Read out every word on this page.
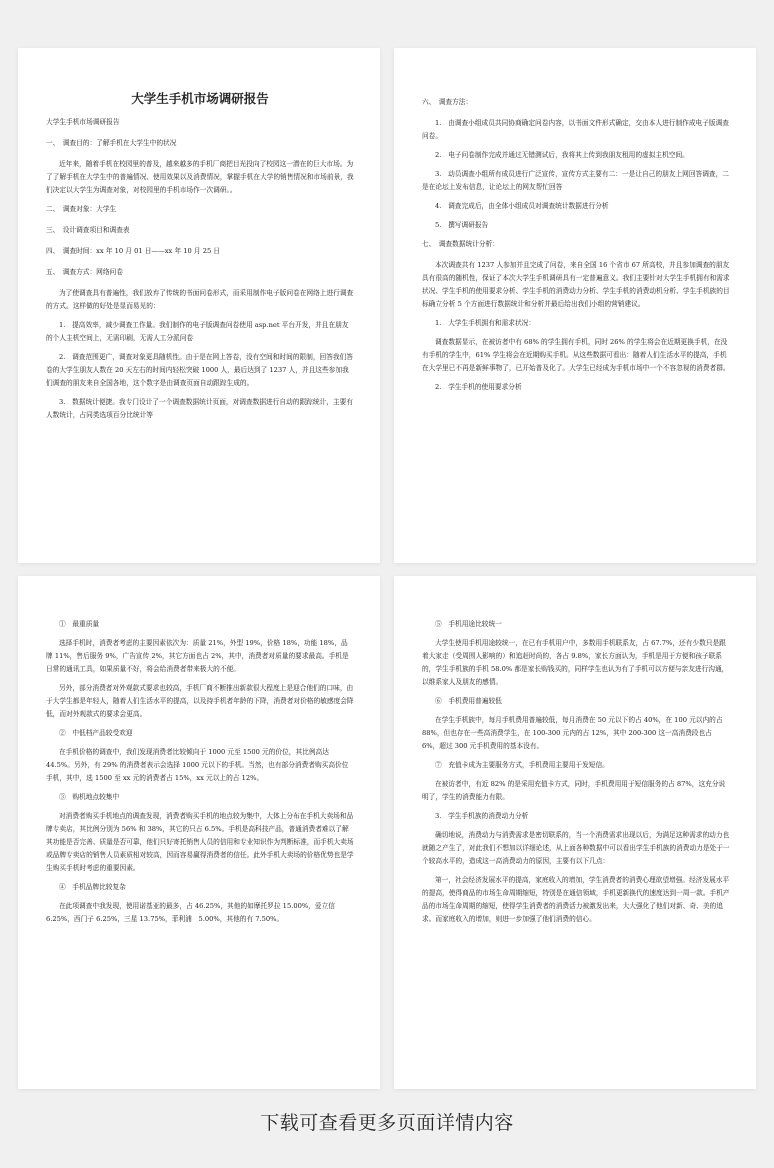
大学生手机市场调研报告

大学生手机市场调研报告

一、　调查目的：了解手机在大学生中的状况

近年来，随着手机在校园里的普及，越来越多的手机厂商把目光投向了校园这一潜在的巨大市场。为了了解手机在大学生中的普遍情况、使用效果以及消费情况，掌握手机在大学的销售情况和市场前景，我们决定以大学生为调查对象，对校园里的手机市场作一次调研。。

二、　调查对象：大学生

三、　设计调查项目和调查表

四、　调查时间：xx 年 10 月 01 日——xx 年 10 月 25 日

五、　调查方式：网络问卷

为了使调查具有普遍性，我们放弃了传统的书面问卷形式，而采用制作电子版问卷在网络上进行调查的方式。这样做的好处是显而易见的：

1.　提高效率，减少调查工作量。我们制作的电子版调查问卷使用 asp.net 平台开发，并且在朋友的个人主机空间上，无需印刷，无需人工分派问卷

2.　调查范围更广，调查对象更具随机性。由于是在网上答卷，没有空间和时间的限制，回答我们答卷的大学生朋友人数在 20 天左右的时间内轻松突破 1000 人，最后达到了 1237 人，并且这些参加我们调查的朋友来自全国各地，这个数字是由调查页面自动跟踪生成的。

3.　数据统计便捷。我专门设计了一个调查数据统计页面，对调查数据进行自动的跟踪统计，主要有人数统计，占同类选项百分比统计等

六、　调查方法：

1.　由调查小组成员共同协商确定问卷内容，以书面文件形式确定，交由本人进行制作成电子版调查问卷。

2.　电子问卷制作完成并通过无错测试后，我将其上传到我朋友租用的虚拟主机空间。

3.　动员调查小组所有成员进行广泛宣传，宣传方式主要有二：一是让自己的朋友上网回答调查，二是在论坛上发布信息，让论坛上的网友帮忙回答

4.　调查完成后，由全体小组成员对调查统计数据进行分析

5.　撰写调研报告

七、　调查数据统计分析：

本次调查共有 1237 人参加并且完成了问卷，来自全国 16 个省市 67 所高校，并且参加调查的朋友具有很高的随机性，保证了本次大学生手机调研具有一定普遍意义。我们主要针对大学生手机拥有和需求状况、学生手机的使用要求分析、学生手机的消费动力分析、学生手机的消费动机分析、学生手机族的目标确立分析 5 个方面进行数据统计和分析并最后给出我们小组的营销建议。

1.　大学生手机拥有和需求状况：

调查数据显示，在被访者中有 68% 的学生拥有手机，同时 26% 的学生将会在近期更换手机，在没有手机的学生中，61% 学生将会在近期购买手机。从这些数据可看出：随着人们生活水平的提高，手机在大学里已不再是新鲜事物了，已开始普及化了。大学生已经成为手机市场中一个不容忽视的消费者群。

2.　学生手机的使用要求分析

①　最重质量

选择手机时，消费者考虑的主要因素依次为：质量 21%，外型 19%，价格 18%，功能 18%，品牌 11%，售后服务 9%，广告宣传 2%，其它方面也占 2%，其中，消费者对质量的要求最高。手机是日常的通讯工具，如果质量不好，将会给消费者带来极大的不便。

另外，部分消费者对外观款式要求也较高，手机厂商不断推出新款很大程度上是迎合他们的口味，由于大学生都是年轻人，随着人们生活水平的提高，以及持手机者年龄的下降，消费者对价格的敏感度会降低，而对外观款式的要求会更高。

②　中低档产品较受欢迎

在手机价格的调查中，我们发现消费者比较倾向于 1000 元至 1500 元的价位，其比例高达 44.5%。另外，有 29% 的消费者表示会选择 1000 元以下的手机。当然，也有部分消费者购买高价位手机，其中，选 1500 至 xx 元的消费者占 15%，xx 元以上的占 12%。

③　购机地点较集中

对消费者购买手机地点的调查发现，消费者购买手机的地点较为集中，大体上分布在手机大卖场和品牌专卖店，其比例分别为 56% 和 38%，其它的只占 6.5%。手机是高科技产品，普通消费者难以了解其功能是否完善、质量是否可靠，他们只好寄托销售人员的信用和专业知识作为判断标准，而手机大卖场或品牌专卖店的销售人员素质相对较高，因而容易赢得消费者的信任。此外手机大卖场的价格优势也是学生购买手机时考虑的重要因素。

④　手机品牌比较复杂

在此项调查中我发现，使用诺基亚的最多，占 46.25%，其他的如摩托罗拉 15.00%，爱立信 6.25%，西门子 6.25%，三星 13.75%，菲利浦　5.00%，其他的有 7.50%。

⑤　手机用途比较统一

大学生使用手机用途较统一，在已有手机用户中，多数用手机联系友，占 67.7%，还有少数只是跟着大家走（受周围人影响的）和追赶时尚的，各占 9.8%，家长方面认为，手机是用于方便和孩子联系的，学生手机族的手机 58.0% 都是家长购钱买的，同样学生也认为有了手机可以方便与亲友进行沟通，以维系家人及朋友的感情。

⑥　手机费用普遍较低

在学生手机族中，每月手机费用普遍较低，每月消费在 50 元以下的占 40%，在 100 元以内的占 88%，但也存在一些高消费学生，在 100-300 元内的占 12%，其中 200-300 这一高消费段也占 6%，超过 300 元手机费用的基本没有。

⑦　充值卡成为主要服务方式，手机费用主要用于发短信。

在被访者中，有近 82% 的是采用充值卡方式，同时，手机费用用于短信服务的占 87%，这充分说明了，学生的消费能力有限。

3.　学生手机族的消费动力分析

确切地说，消费动力与消费需求是密切联系的，当一个消费需求出现以后，为满足这种需求的动力也就随之产生了，对此我们不想加以详细论述，从上面各种数据中可以看出学生手机族的消费动力是处于一个较高水平的，造成这一高消费动力的原因，主要有以下几点：

第一，社会经济发展水平的提高，家庭收入的增加，学生消费者的消费心理欲望增强。经济发展水平的提高，使得商品的市场生命周期缩短，特别是在通信领域，手机更新换代的速度达到一周一款。手机产品的市场生命周期的缩短，使得学生消费者的消费活力被激发出来，大大强化了他们对新、奇、美的追求。而家庭收入的增加，则进一步加强了他们消费的信心。

下载可查看更多页面详情内容
